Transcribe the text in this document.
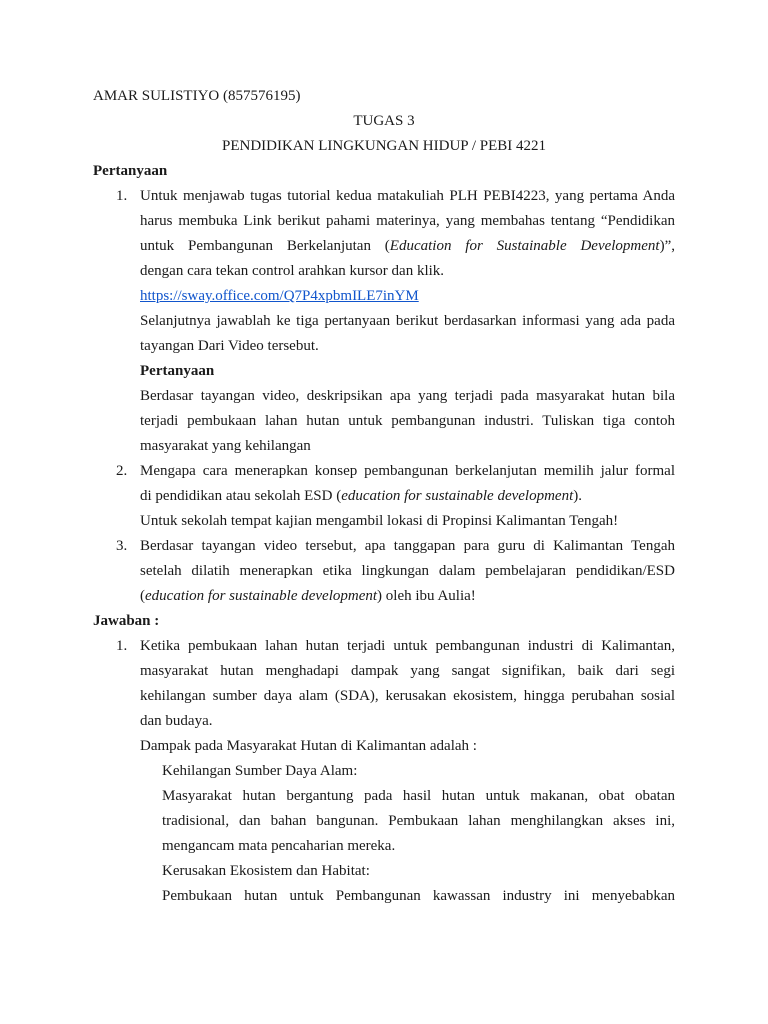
AMAR SULISTIYO (857576195)
TUGAS 3
PENDIDIKAN LINGKUNGAN HIDUP / PEBI 4221
Pertanyaan
1. Untuk menjawab tugas tutorial kedua matakuliah PLH PEBI4223, yang pertama Anda
harus membuka Link berikut pahami materinya, yang membahas tentang “Pendidikan
untuk Pembangunan Berkelanjutan (Education for Sustainable Development)”,
dengan cara tekan control arahkan kursor dan klik.
https://sway.office.com/Q7P4xpbmILE7inYM
Selanjutnya jawablah ke tiga pertanyaan berikut berdasarkan informasi yang ada pada
tayangan Dari Video tersebut.
Pertanyaan
Berdasar tayangan video, deskripsikan apa yang terjadi pada masyarakat hutan bila
terjadi pembukaan lahan hutan untuk pembangunan industri. Tuliskan tiga contoh
masyarakat yang kehilangan
2. Mengapa cara menerapkan konsep pembangunan berkelanjutan memilih jalur formal
di pendidikan atau sekolah ESD (education for sustainable development).
Untuk sekolah tempat kajian mengambil lokasi di Propinsi Kalimantan Tengah!
3. Berdasar tayangan video tersebut, apa tanggapan para guru di Kalimantan Tengah
setelah dilatih menerapkan etika lingkungan dalam pembelajaran pendidikan/ESD
(education for sustainable development) oleh ibu Aulia!
Jawaban :
1. Ketika pembukaan lahan hutan terjadi untuk pembangunan industri di Kalimantan,
masyarakat hutan menghadapi dampak yang sangat signifikan, baik dari segi
kehilangan sumber daya alam (SDA), kerusakan ekosistem, hingga perubahan sosial
dan budaya.
Dampak pada Masyarakat Hutan di Kalimantan adalah :
Kehilangan Sumber Daya Alam:
Masyarakat hutan bergantung pada hasil hutan untuk makanan, obat obatan
tradisional, dan bahan bangunan. Pembukaan lahan menghilangkan akses ini,
mengancam mata pencaharian mereka.
Kerusakan Ekosistem dan Habitat:
Pembukaan hutan untuk Pembangunan kawassan industry ini menyebabkan
